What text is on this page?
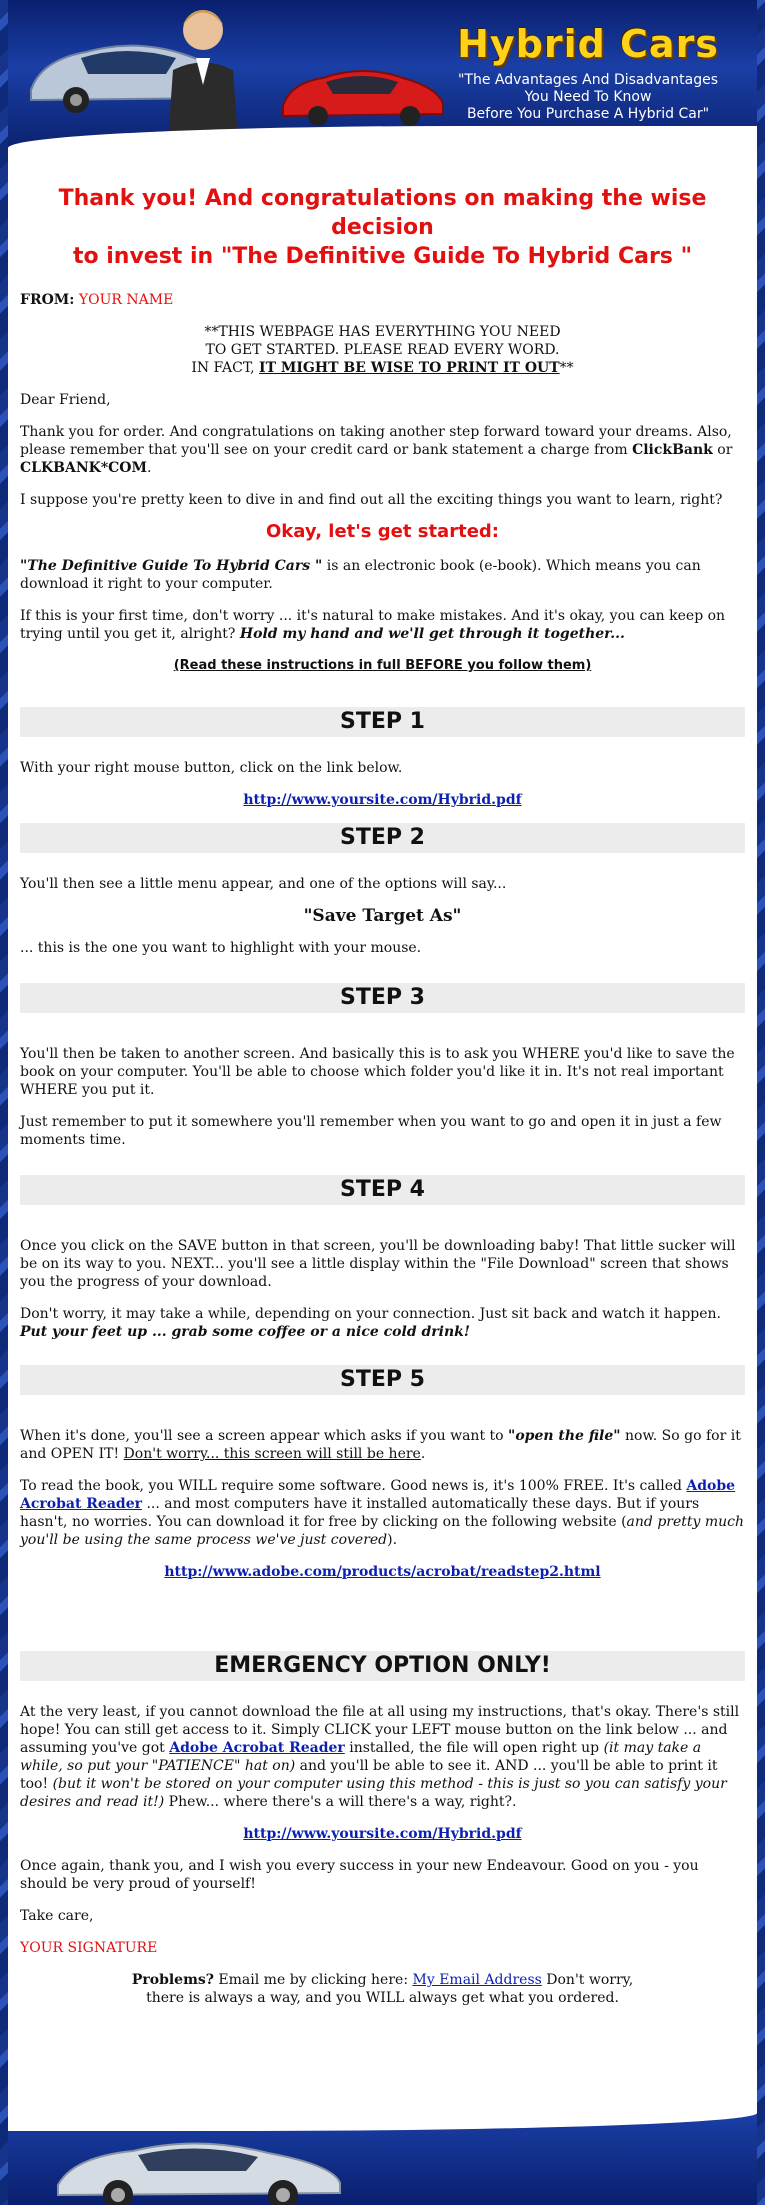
Hybrid Cars
"The Advantages And Disadvantages
You Need To Know
Before You Purchase A Hybrid Car"
Thank you! And congratulations on making the wise decision
to invest in "The Definitive Guide To Hybrid Cars "

FROM: YOUR NAME

**THIS WEBPAGE HAS EVERYTHING YOU NEED
TO GET STARTED. PLEASE READ EVERY WORD.
IN FACT, IT MIGHT BE WISE TO PRINT IT OUT**

Dear Friend,

Thank you for order. And congratulations on taking another step forward toward your dreams. Also, please remember that you'll see on your credit card or bank statement a charge from ClickBank or CLKBANK*COM.

I suppose you're pretty keen to dive in and find out all the exciting things you want to learn, right?

Okay, let's get started:

"The Definitive Guide To Hybrid Cars " is an electronic book (e-book). Which means you can download it right to your computer.

If this is your first time, don't worry ... it's natural to make mistakes. And it's okay, you can keep on trying until you get it, alright? Hold my hand and we'll get through it together...

(Read these instructions in full BEFORE you follow them)

STEP 1

With your right mouse button, click on the link below.

http://www.yoursite.com/Hybrid.pdf

STEP 2

You'll then see a little menu appear, and one of the options will say...

"Save Target As"

... this is the one you want to highlight with your mouse.

STEP 3

You'll then be taken to another screen. And basically this is to ask you WHERE you'd like to save the book on your computer. You'll be able to choose which folder you'd like it in. It's not real important WHERE you put it.

Just remember to put it somewhere you'll remember when you want to go and open it in just a few moments time.

STEP 4

Once you click on the SAVE button in that screen, you'll be downloading baby! That little sucker will be on its way to you. NEXT... you'll see a little display within the "File Download" screen that shows you the progress of your download.

Don't worry, it may take a while, depending on your connection. Just sit back and watch it happen. Put your feet up ... grab some coffee or a nice cold drink!

STEP 5

When it's done, you'll see a screen appear which asks if you want to "open the file" now. So go for it and OPEN IT! Don't worry... this screen will still be here.

To read the book, you WILL require some software. Good news is, it's 100% FREE. It's called Adobe Acrobat Reader ... and most computers have it installed automatically these days. But if yours hasn't, no worries. You can download it for free by clicking on the following website (and pretty much you'll be using the same process we've just covered).

http://www.adobe.com/products/acrobat/readstep2.html

EMERGENCY OPTION ONLY!

At the very least, if you cannot download the file at all using my instructions, that's okay. There's still hope! You can still get access to it. Simply CLICK your LEFT mouse button on the link below ... and assuming you've got Adobe Acrobat Reader installed, the file will open right up (it may take a while, so put your "PATIENCE" hat on) and you'll be able to see it. AND ... you'll be able to print it too! (but it won't be stored on your computer using this method - this is just so you can satisfy your desires and read it!) Phew... where there's a will there's a way, right?.

http://www.yoursite.com/Hybrid.pdf

Once again, thank you, and I wish you every success in your new Endeavour. Good on you - you should be very proud of yourself!

Take care,

YOUR SIGNATURE

Problems? Email me by clicking here: My Email Address Don't worry,
there is always a way, and you WILL always get what you ordered.
